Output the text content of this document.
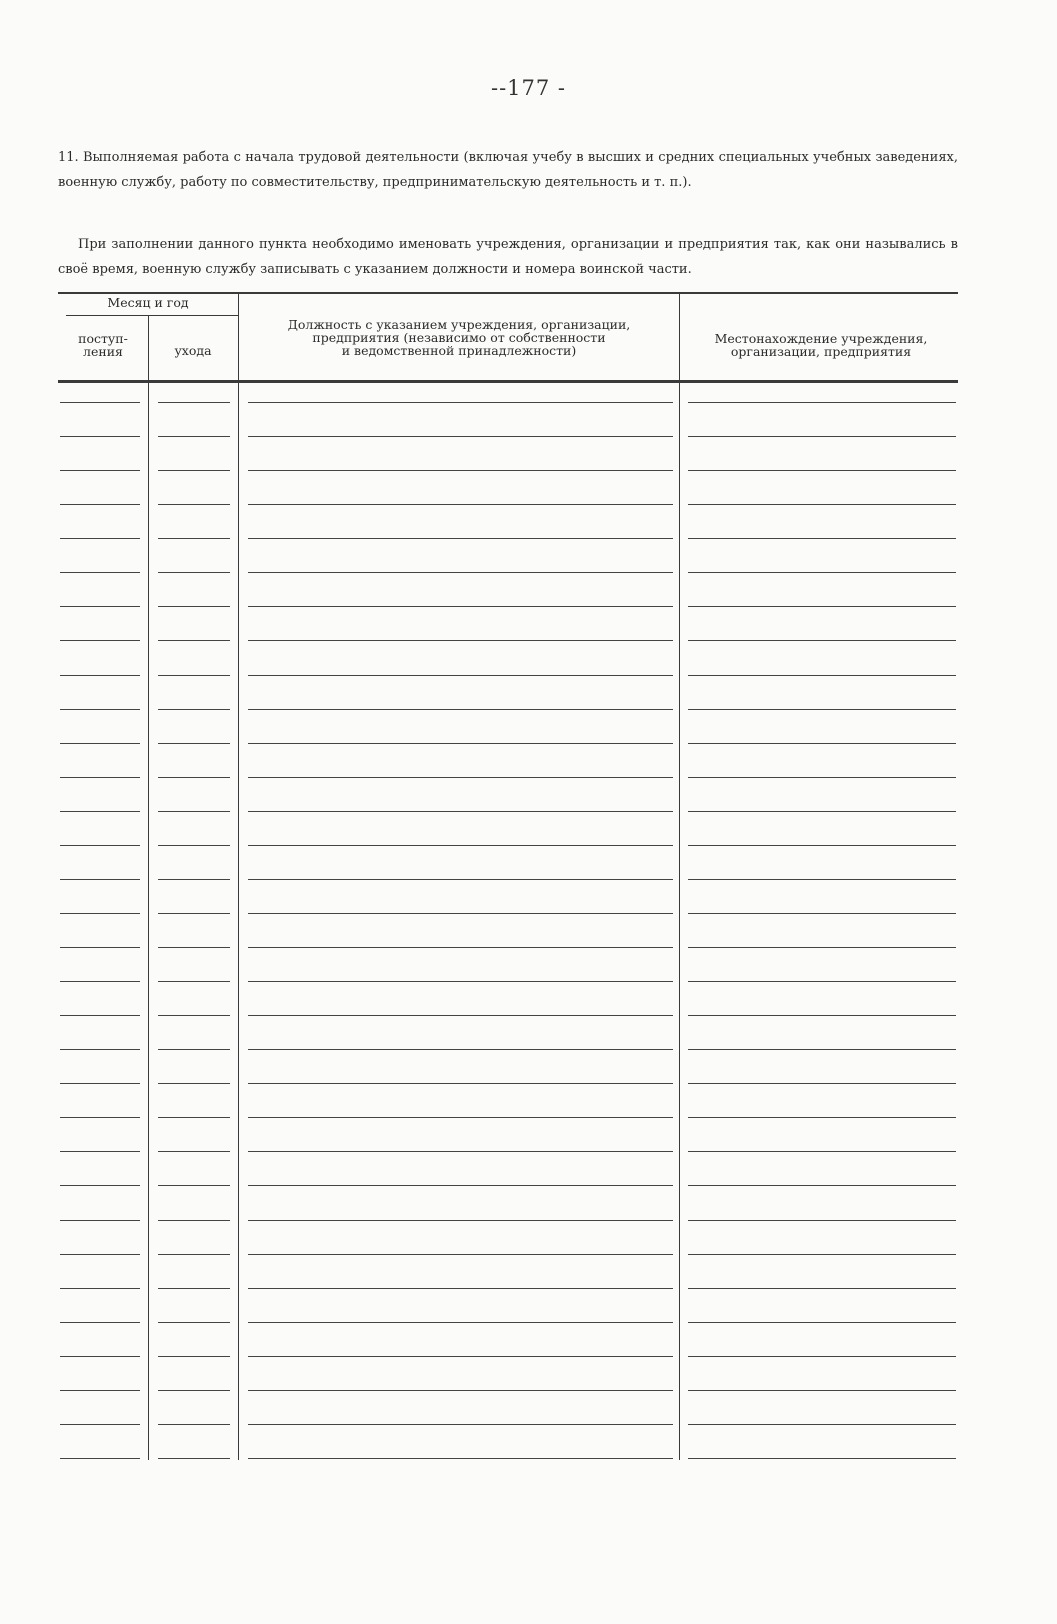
--177 -
11. Выполняемая работа с начала трудовой деятельности (включая учебу в высших и средних специальных учебных заведениях, военную службу, работу по совместительству, предпринимательскую деятельность и т. п.).
При заполнении данного пункта необходимо именовать учреждения, организации и предприятия так, как они назывались в своё время, военную службу записывать с указанием должности и номера воинской части.
Месяц и год
поступ-
ления	ухода
Должность с указанием учреждения, организации,
предприятия (независимо от собственности
и ведомственной принадлежности)
Местонахождение учреждения,
организации, предприятия
